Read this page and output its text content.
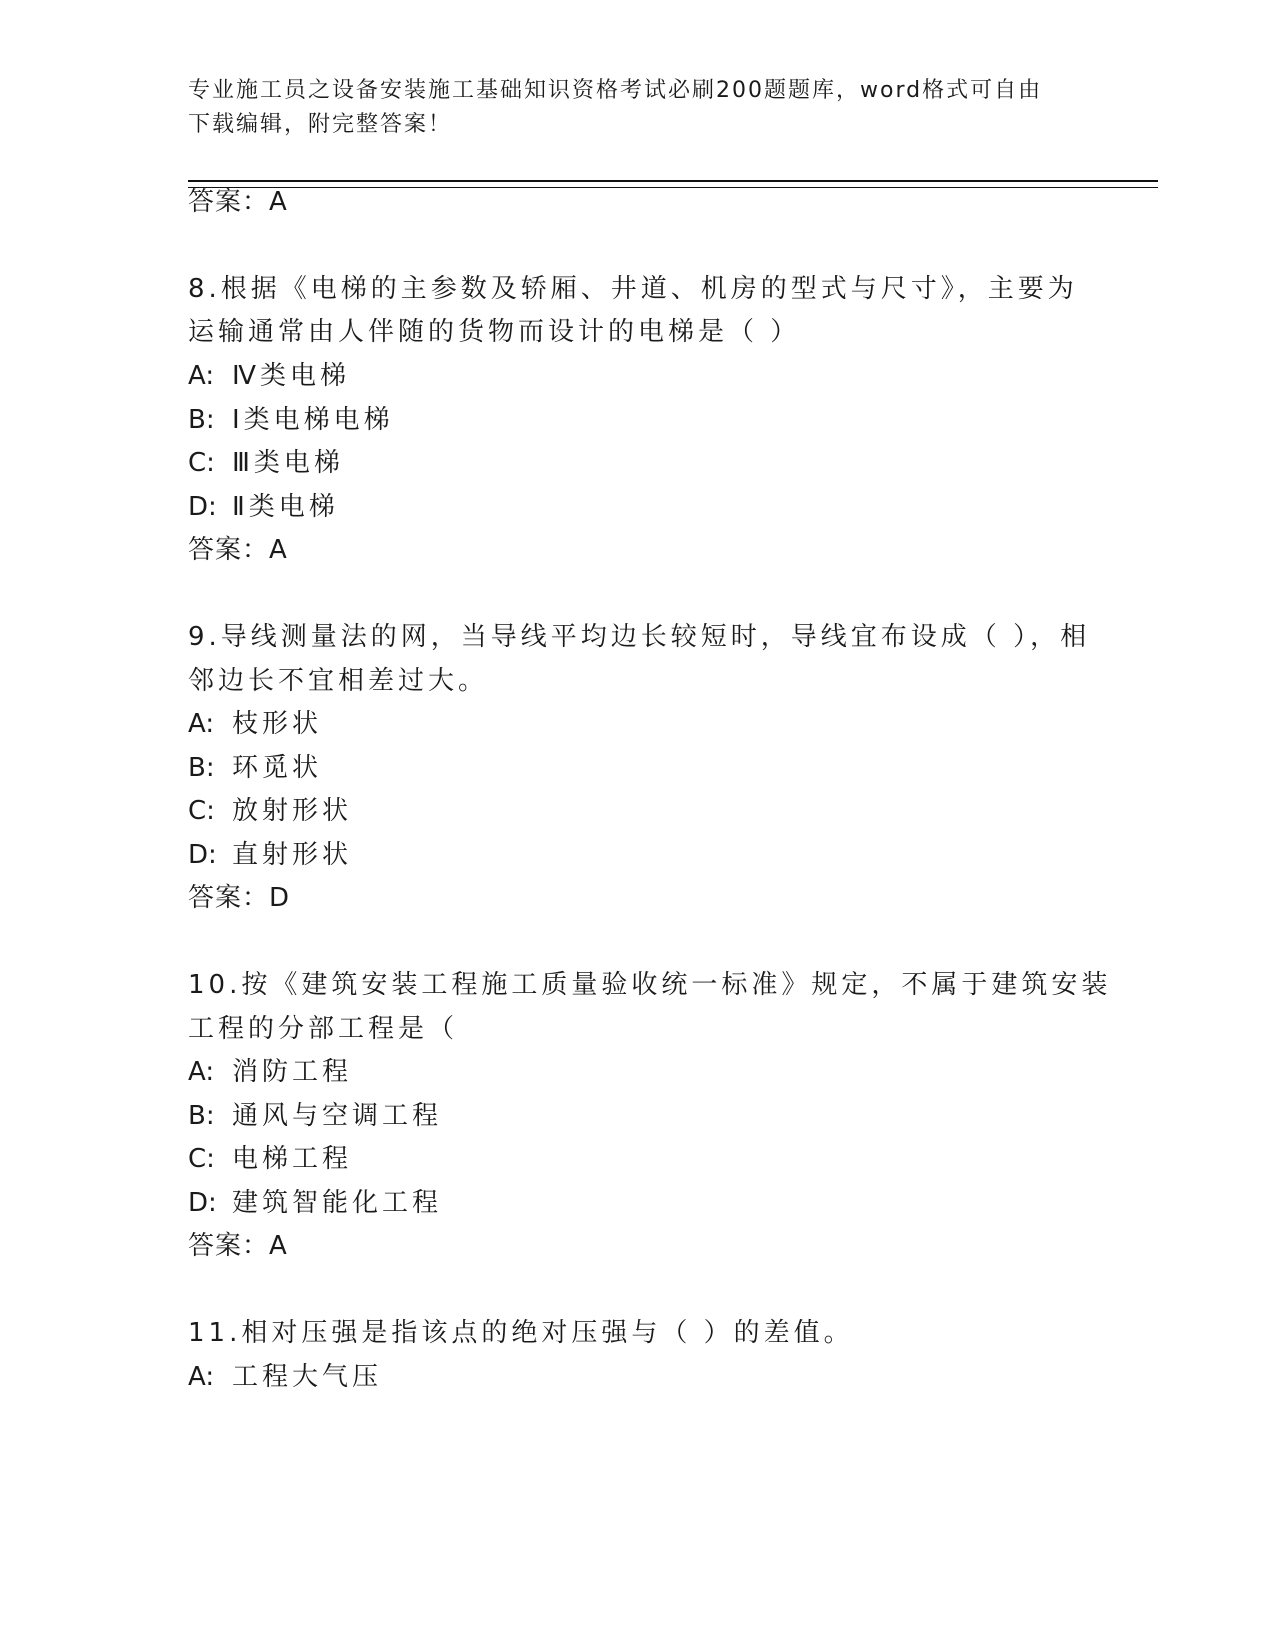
专业施工员之设备安装施工基础知识资格考试必刷200题题库，word格式可自由
下载编辑，附完整答案！
答案：A
8.根据《电梯的主参数及轿厢、井道、机房的型式与尺寸》，主要为
运输通常由人伴随的货物而设计的电梯是（ ）
A: Ⅳ类电梯
B: Ⅰ类电梯电梯
C: Ⅲ类电梯
D: Ⅱ类电梯
答案：A
9.导线测量法的网，当导线平均边长较短时，导线宜布设成（ ），相
邻边长不宜相差过大。
A: 枝形状
B: 环觅状
C: 放射形状
D: 直射形状
答案：D
10.按《建筑安装工程施工质量验收统一标准》规定，不属于建筑安装
工程的分部工程是（
A: 消防工程
B: 通风与空调工程
C: 电梯工程
D: 建筑智能化工程
答案：A
11.相对压强是指该点的绝对压强与（ ）的差值。
A: 工程大气压
